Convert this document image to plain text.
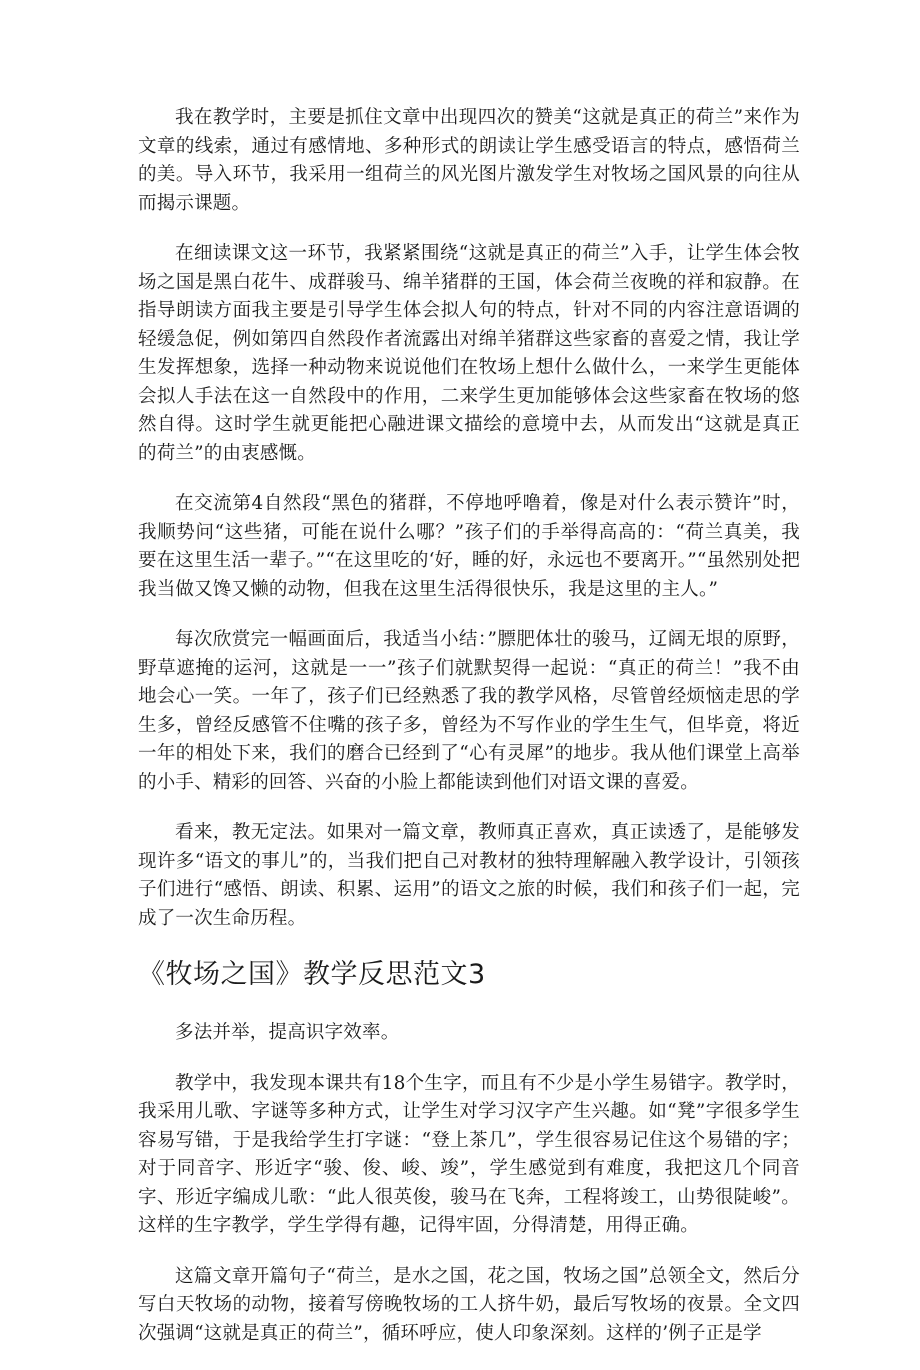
我在教学时，主要是抓住文章中出现四次的赞美“这就是真正的荷兰”来作为文章的线索，通过有感情地、多种形式的朗读让学生感受语言的特点，感悟荷兰的美。导入环节，我采用一组荷兰的风光图片激发学生对牧场之国风景的向往从而揭示课题。

在细读课文这一环节，我紧紧围绕“这就是真正的荷兰”入手，让学生体会牧场之国是黑白花牛、成群骏马、绵羊猪群的王国，体会荷兰夜晚的祥和寂静。在指导朗读方面我主要是引导学生体会拟人句的特点，针对不同的内容注意语调的轻缓急促，例如第四自然段作者流露出对绵羊猪群这些家畜的喜爱之情，我让学生发挥想象，选择一种动物来说说他们在牧场上想什么做什么，一来学生更能体会拟人手法在这一自然段中的作用，二来学生更加能够体会这些家畜在牧场的悠然自得。这时学生就更能把心融进课文描绘的意境中去，从而发出“这就是真正的荷兰”的由衷感慨。

在交流第4自然段“黑色的猪群，不停地呼噜着，像是对什么表示赞许”时，我顺势问“这些猪，可能在说什么哪？”孩子们的手举得高高的：“荷兰真美，我要在这里生活一辈子。”“在这里吃的‘好，睡的好，永远也不要离开。”“虽然别处把我当做又馋又懒的动物，但我在这里生活得很快乐，我是这里的主人。”

每次欣赏完一幅画面后，我适当小结：”膘肥体壮的骏马，辽阔无垠的原野，野草遮掩的运河，这就是一一”孩子们就默契得一起说：“真正的荷兰！”我不由地会心一笑。一年了，孩子们已经熟悉了我的教学风格，尽管曾经烦恼走思的学生多，曾经反感管不住嘴的孩子多，曾经为不写作业的学生生气，但毕竟，将近一年的相处下来，我们的磨合已经到了“心有灵犀”的地步。我从他们课堂上高举的小手、精彩的回答、兴奋的小脸上都能读到他们对语文课的喜爱。

看来，教无定法。如果对一篇文章，教师真正喜欢，真正读透了，是能够发现许多“语文的事儿”的，当我们把自己对教材的独特理解融入教学设计，引领孩子们进行“感悟、朗读、积累、运用”的语文之旅的时候，我们和孩子们一起，完成了一次生命历程。

《牧场之国》教学反思范文3

多法并举，提高识字效率。

教学中，我发现本课共有18个生字，而且有不少是小学生易错字。教学时，我采用儿歌、字谜等多种方式，让学生对学习汉字产生兴趣。如“凳”字很多学生容易写错，于是我给学生打字谜：“登上茶几”，学生很容易记住这个易错的字；对于同音字、形近字“骏、俊、峻、竣”，学生感觉到有难度，我把这几个同音字、形近字编成儿歌：“此人很英俊，骏马在飞奔，工程将竣工，山势很陡峻”。这样的生字教学，学生学得有趣，记得牢固，分得清楚，用得正确。

这篇文章开篇句子“荷兰，是水之国，花之国，牧场之国”总领全文，然后分写白天牧场的动物，接着写傍晚牧场的工人挤牛奶，最后写牧场的夜景。全文四次强调“这就是真正的荷兰”，循环呼应，使人印象深刻。这样的’例子正是学
